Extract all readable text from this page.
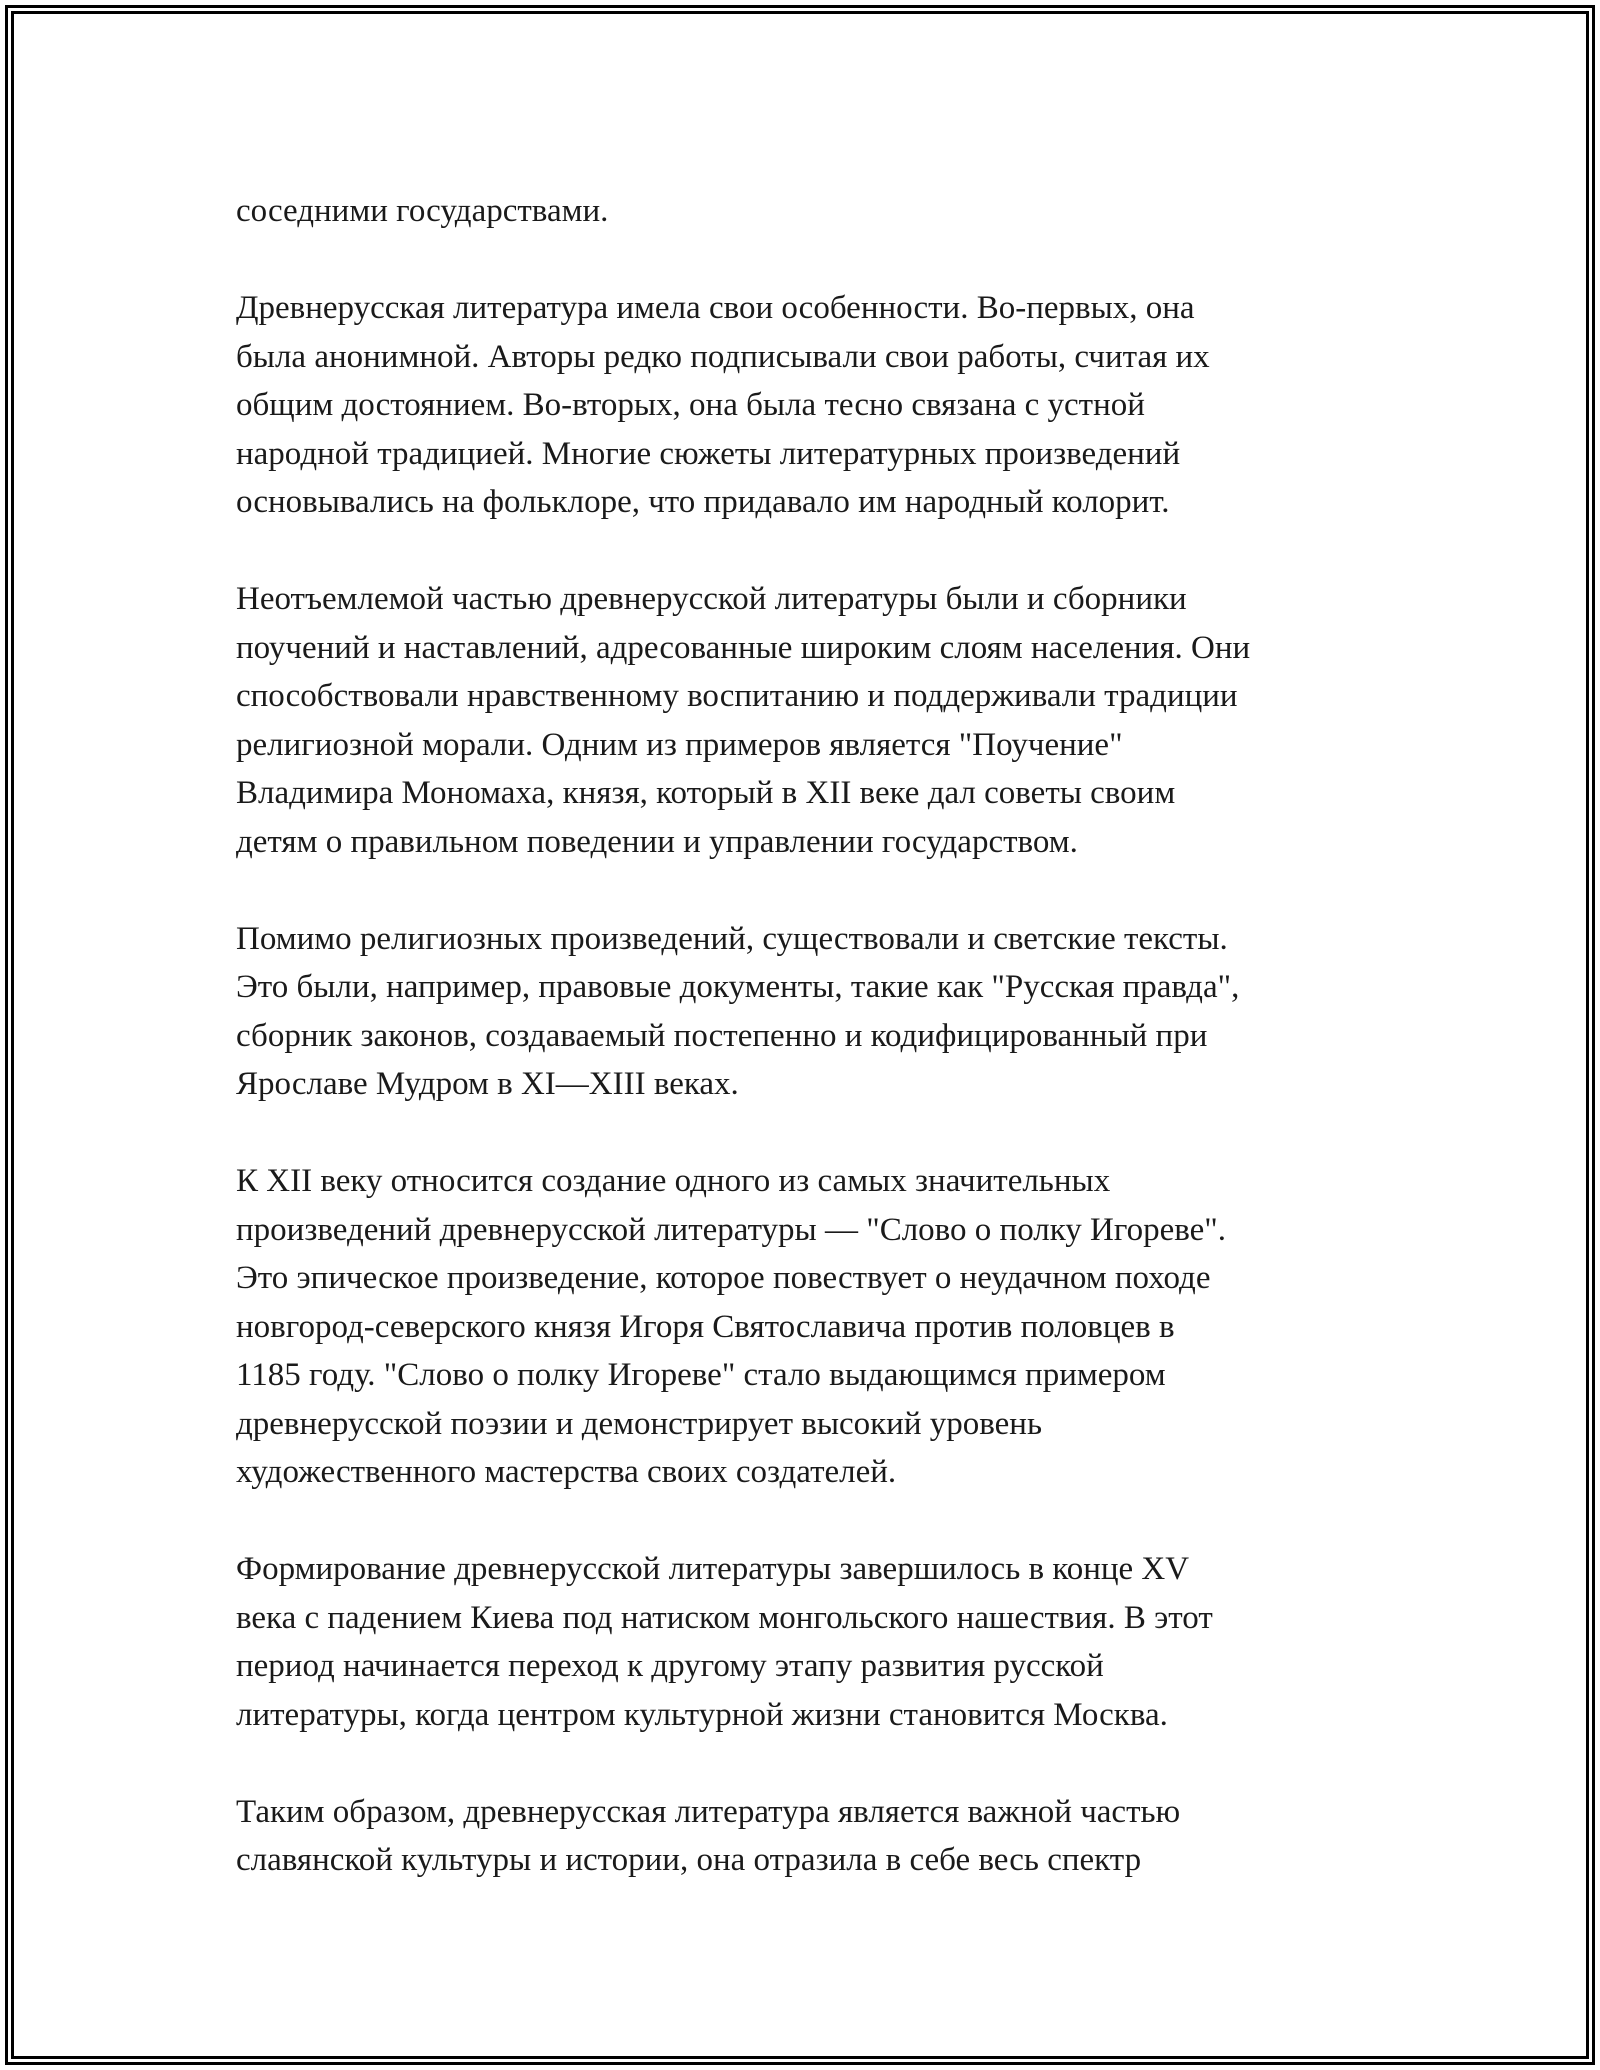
соседними государствами.

Древнерусская литература имела свои особенности. Во-первых, она
была анонимной. Авторы редко подписывали свои работы, считая их
общим достоянием. Во-вторых, она была тесно связана с устной
народной традицией. Многие сюжеты литературных произведений
основывались на фольклоре, что придавало им народный колорит.

Неотъемлемой частью древнерусской литературы были и сборники
поучений и наставлений, адресованные широким слоям населения. Они
способствовали нравственному воспитанию и поддерживали традиции
религиозной морали. Одним из примеров является "Поучение"
Владимира Мономаха, князя, который в XII веке дал советы своим
детям о правильном поведении и управлении государством.

Помимо религиозных произведений, существовали и светские тексты.
Это были, например, правовые документы, такие как "Русская правда",
сборник законов, создаваемый постепенно и кодифицированный при
Ярославе Мудром в XI—XIII веках.

К XII веку относится создание одного из самых значительных
произведений древнерусской литературы — "Слово о полку Игореве".
Это эпическое произведение, которое повествует о неудачном походе
новгород-северского князя Игоря Святославича против половцев в
1185 году. "Слово о полку Игореве" стало выдающимся примером
древнерусской поэзии и демонстрирует высокий уровень
художественного мастерства своих создателей.

Формирование древнерусской литературы завершилось в конце XV
века с падением Киева под натиском монгольского нашествия. В этот
период начинается переход к другому этапу развития русской
литературы, когда центром культурной жизни становится Москва.

Таким образом, древнерусская литература является важной частью
славянской культуры и истории, она отразила в себе весь спектр
